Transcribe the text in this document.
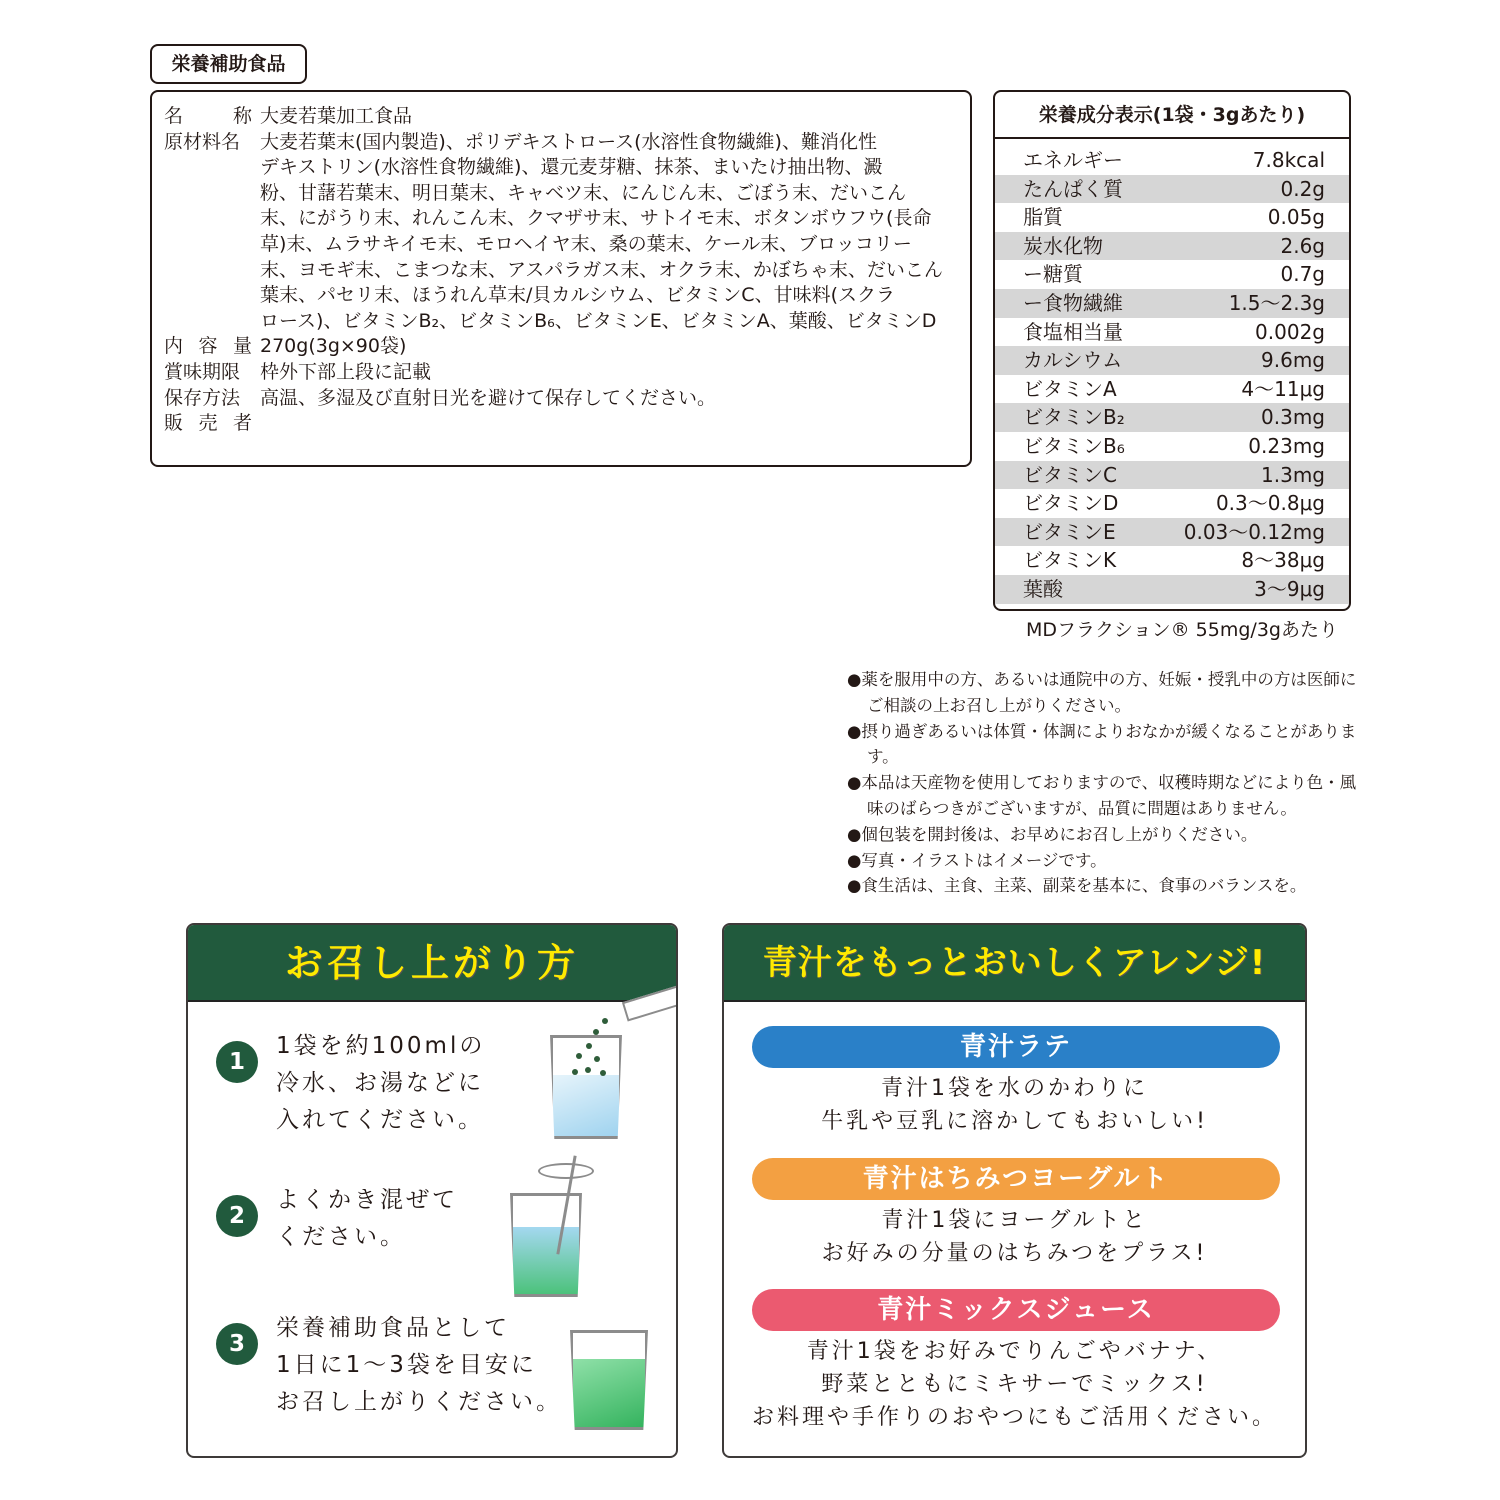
栄養補助食品
名	称 大麦若葉加工食品
原材料名	大麦若葉末(国内製造)、ポリデキストロース(水溶性食物繊維)、難消化性
デキストリン(水溶性食物繊維)、還元麦芽糖、抹茶、まいたけ抽出物、澱
粉、甘藷若葉末、明日葉末、キャベツ末、にんじん末、ごぼう末、だいこん
末、にがうり末、れんこん末、クマザサ末、サトイモ末、ボタンボウフウ(長命
草)末、ムラサキイモ末、モロヘイヤ末、桑の葉末、ケール末、ブロッコリー
末、ヨモギ末、こまつな末、アスパラガス末、オクラ末、かぼちゃ末、だいこん
葉末、パセリ末、ほうれん草末/貝カルシウム、ビタミンC、甘味料(スクラ
ロース)、ビタミンB₂、ビタミンB₆、ビタミンE、ビタミンA、葉酸、ビタミンD
内 容 量 270g(3g×90袋)
賞味期限	枠外下部上段に記載
保存方法	高温、多湿及び直射日光を避けて保存してください。
販 売 者
栄養成分表示(1袋・3gあたり)
エネルギー	7.8kcal
たんぱく質	0.2g
脂質	0.05g
炭水化物	2.6g
ー糖質	0.7g
ー食物繊維	1.5〜2.3g
食塩相当量	0.002g
カルシウム	9.6mg
ビタミンA	4〜11μg
ビタミンB₂	0.3mg
ビタミンB₆	0.23mg
ビタミンC	1.3mg
ビタミンD	0.3〜0.8μg
ビタミンE	0.03〜0.12mg
ビタミンK	8〜38μg
葉酸	3〜9μg
MDフラクション® 55mg/3gあたり
●薬を服用中の方、あるいは通院中の方、妊娠・授乳中の方は医師にご相談の上お召し上がりください。
●摂り過ぎあるいは体質・体調によりおなかが緩くなることがあります。
●本品は天産物を使用しておりますので、収穫時期などにより色・風味のばらつきがございますが、品質に問題はありません。
●個包装を開封後は、お早めにお召し上がりください。
●写真・イラストはイメージです。
●食生活は、主食、主菜、副菜を基本に、食事のバランスを。
お召し上がり方
1
1袋を約100mlの
冷水、お湯などに
入れてください。
2
よくかき混ぜて
ください。
3
栄養補助食品として
1日に1〜3袋を目安に
お召し上がりください。
青汁をもっとおいしくアレンジ!
青汁ラテ
青汁1袋を水のかわりに
牛乳や豆乳に溶かしてもおいしい!
青汁はちみつヨーグルト
青汁1袋にヨーグルトと
お好みの分量のはちみつをプラス!
青汁ミックスジュース
青汁1袋をお好みでりんごやバナナ、
野菜とともにミキサーでミックス!
お料理や手作りのおやつにもご活用ください。
